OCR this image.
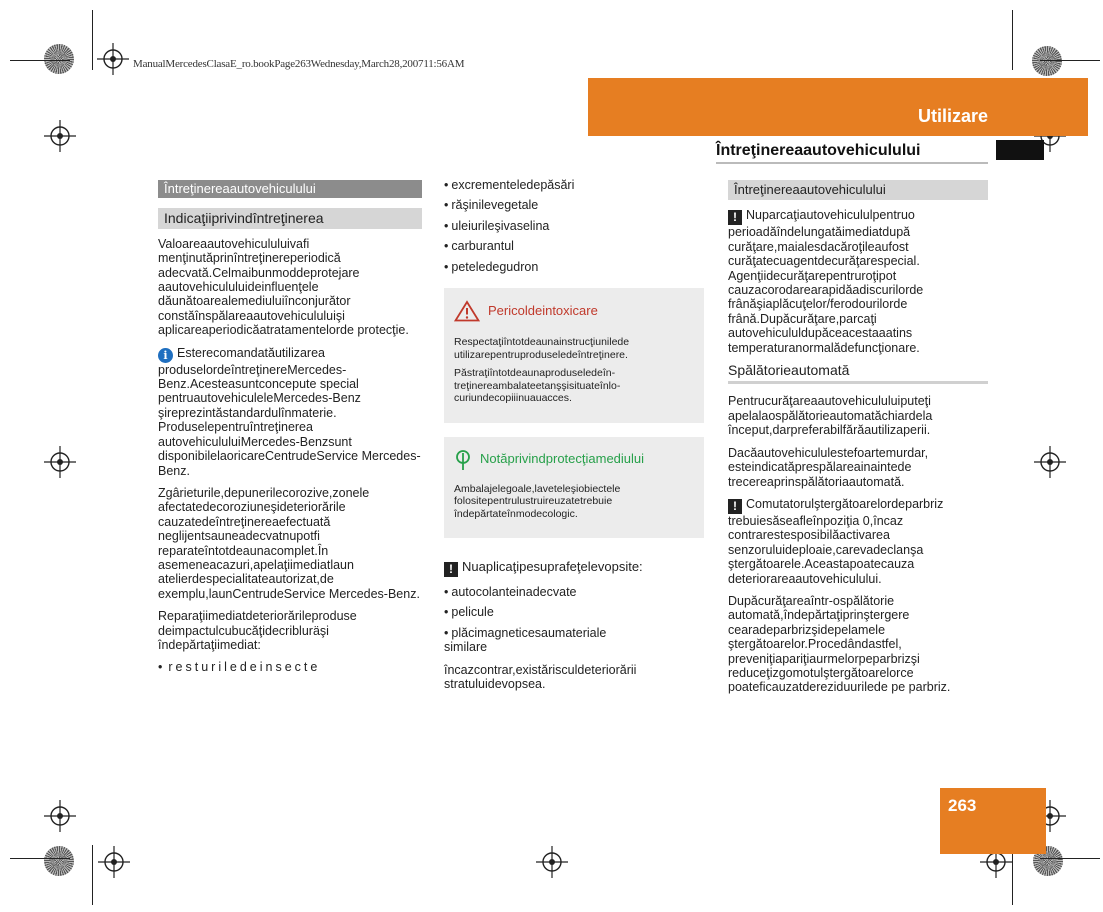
ManualMercedesClasaE_ro.bookPage263Wednesday,March28,200711:56AM
Utilizare
Întreţinereaautovehiculului
Întreţinereaautovehiculului
Indicaţiiprivindîntreţinerea

Valoareaautovehicululuivafi menţinutăprinîntreţinereperiodică adecvată.Celmaibunmoddeprotejare aautovehicululuideinfluenţele dăunătoarealemediuluiînconjurător constăînspălareaautovehicululuişi aplicareaperiodicăatratamentelorde protecţie.

i Esterecomandatăutilizarea produselordeîntreţinereMercedes-Benz.Acesteasuntconcepute special pentruautovehiculeleMercedes-Benz şireprezintăstandardulînmaterie. Produselepentruîntreţinerea autovehicululuiMercedes-Benzsunt disponibilelaoricareCentrudeService Mercedes-Benz.

Zgârieturile,depunerilecorozive,zonele afectatedecoroziuneşideteriorările cauzatedeîntreţinereaefectuată neglijentsauneadecvatnupotfi reparateîntotdeaunacomplet.În asemeneacazuri,apelaţiimediatlaun atelierdespecialitateautorizat,de exemplu,launCentrudeService Mercedes-Benz.

Reparaţiimediatdeteriorărileproduse deimpactulcubucăţidecribluräşi îndepărtaţiimediat:

• resturiledeinsecte
• excrementeledepăsări
• răşinilevegetale
• uleiurileşivaselina
• carburantul
• peteledegudron
Pericoldeintoxicare

Respectaţiîntotdeaunainstrucţiunilede utilizarepentruproduseledeîntreţinere.

Păstraţiîntotdeaunaproduseledeîn-treţinereambalateetanşşisituateînlo-curiundecopiiinuauacces.

Notăprivindprotecţiamediului

Ambalajelegoale,laveteleşiobiectele folositepentrulustruireuzatetrebuie îndepărtateînmodecologic.

! Nuaplicaţipesuprafeţelevopsite:

• autocolanteinadecvate
• pelicule
• plăcimagneticesaumateriale similare

încazcontrar,existărisculdeteriorării stratuluidevopsea.

Întreţinereaautovehiculului

! Nuparcaţiautovehicululpentruo perioadăîndelungatăimediatdupă curăţare,maialesdacăroţileaufost curăţatecuagentdecurăţarespecial. Agenţiidecurăţarepentruroţipot cauzacorodarearapidăadiscurilorde frânăşiaplăcuţelor/ferodourilorde frână.Dupăcurăţare,parcaţi autovehicululdupăceacestaaatins temperaturanormalădefuncţionare.

Spălătorieautomată

Pentrucurăţareaautovehicululuiputeţi apelalaospălătorieautomatăchiardela început,darpreferabilfărăautilizaperii.

Dacăautovehicululestefoartemurdar, esteindicatăprespălareainaintede trecereaprinspălătoriaautomată.

! Comutatorulştergătoarelordeparbriz trebuiesăseafleînpoziţia 0,încaz contrarestesposibilăactivarea senzoruluideploaie,carevadeclanşa ştergătoarele.Aceastapoatecauza deteriorareaautovehiculului.

Dupăcurăţareaîntr-ospălătorie automată,îndepărtaţiprinştergere cearadeparbrizşidepelamele ştergătoarelor.Procedândastfel, preveniţiapariţiaurmelorpeparbrizşi reduceţizgomotulştergătoarelorce poateficauzatdereziduurilede pe parbriz.

263
